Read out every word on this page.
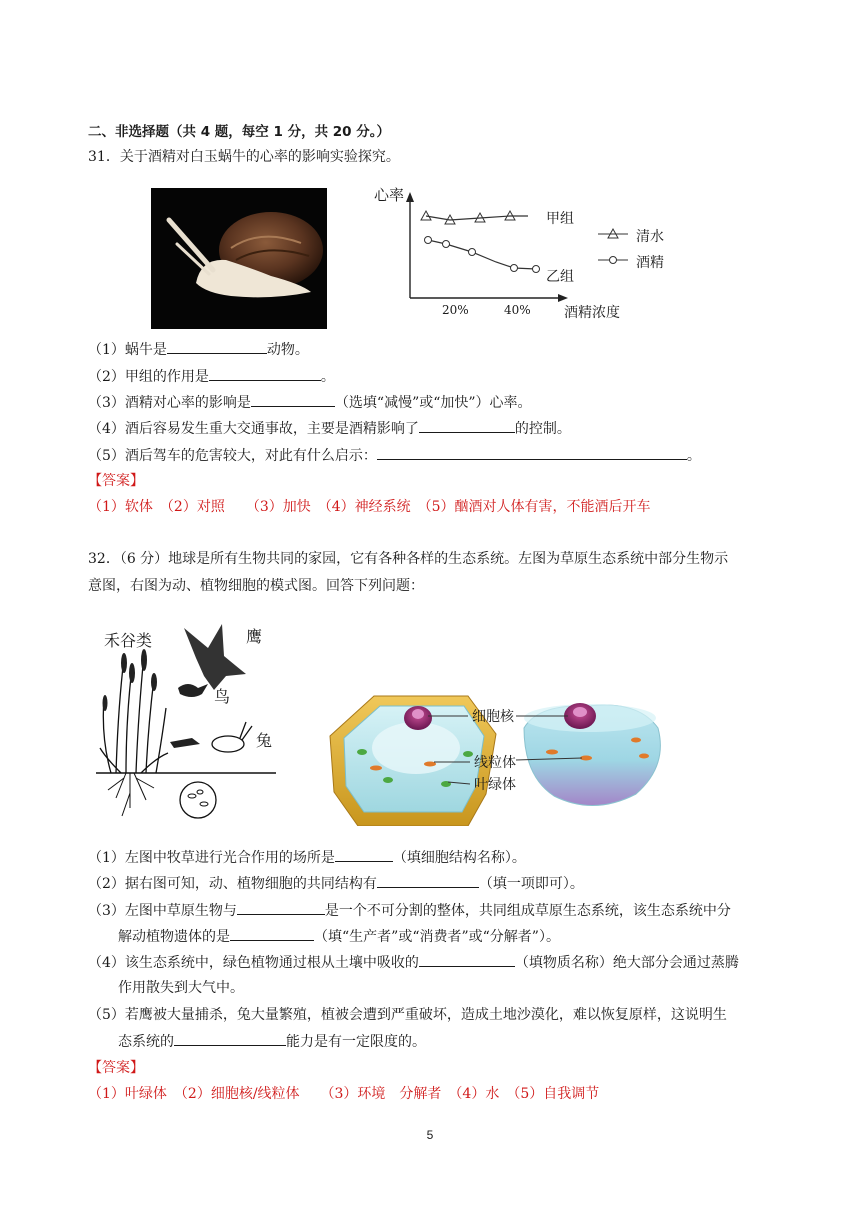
二、非选择题（共 4 题，每空 1 分，共 20 分。）
31．关于酒精对白玉蜗牛的心率的影响实验探究。
心率
甲组
乙组
清水
酒精
20%	40% 酒精浓度
（1）蜗牛是	动物。
（2）甲组的作用是	。
（3）酒精对心率的影响是	（选填“减慢”或“加快”）心率。
（4）酒后容易发生重大交通事故，主要是酒精影响了	的控制。
（5）酒后驾车的危害较大，对此有什么启示：	。
【答案】
（1）软体　（2）对照　　（3）加快　（4）神经系统　（5）酗酒对人体有害，不能酒后开车
32．（6 分）地球是所有生物共同的家园，它有各种各样的生态系统。左图为草原生态系统中部分生物示
意图，右图为动、植物细胞的模式图。回答下列问题：
禾谷类	鹰
鸟
兔
细胞核
线粒体
叶绿体
（1）左图中牧草进行光合作用的场所是	（填细胞结构名称）。
（2）据右图可知，动、植物细胞的共同结构有	（填一项即可）。
（3）左图中草原生物与	是一个不可分割的整体，共同组成草原生态系统，该生态系统中分
解动植物遗体的是	（填“生产者”或“消费者”或“分解者”）。
（4）该生态系统中，绿色植物通过根从土壤中吸收的	（填物质名称）绝大部分会通过蒸腾
作用散失到大气中。
（5）若鹰被大量捕杀，兔大量繁殖，植被会遭到严重破坏，造成土地沙漠化，难以恢复原样，这说明生
态系统的	能力是有一定限度的。
【答案】
（1）叶绿体　（2）细胞核/线粒体　　（3）环境　分解者　（4）水　（5）自我调节
5
